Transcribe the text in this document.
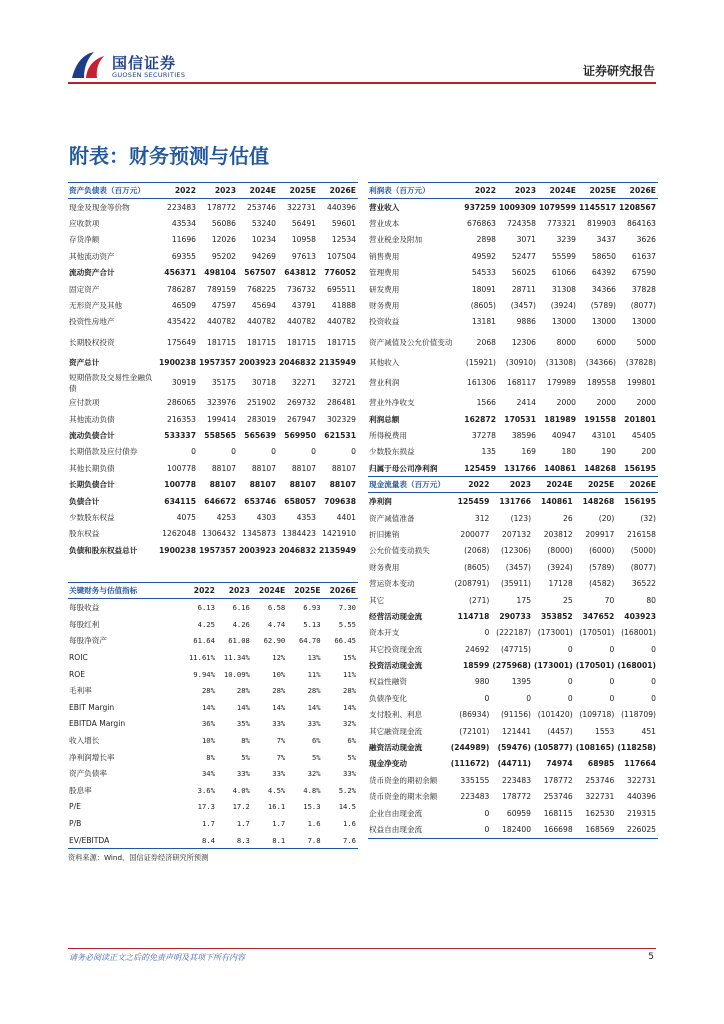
国信证券
GUOSEN SECURITIES	证券研究报告
附表：财务预测与估值
资产负债表（百万元）	2022	2023	2024E	2025E	2026E
现金及现金等价物	223483	178772	253746	322731	440396
应收款项	43534	56086	53240	56491	59601
存货净额	11696	12026	10234	10958	12534
其他流动资产	69355	95202	94269	97613	107504
流动资产合计	456371	498104	567507	643812	776052
固定资产	786287	789159	768225	736732	695511
无形资产及其他	46509	47597	45694	43791	41888
投资性房地产	435422	440782	440782	440782	440782
长期股权投资	175649	181715	181715	181715	181715
资产总计	1900238	1957357	2003923	2046832	2135949
短期借款及交易性金融负债	30919	35175	30718	32271	32721
应付款项	286065	323976	251902	269732	286481
其他流动负债	216353	199414	283019	267947	302329
流动负债合计	533337	558565	565639	569950	621531
长期借款及应付债券	0	0	0	0	0
其他长期负债	100778	88107	88107	88107	88107
长期负债合计	100778	88107	88107	88107	88107
负债合计	634115	646672	653746	658057	709638
少数股东权益	4075	4253	4303	4353	4401
股东权益	1262048	1306432	1345873	1384423	1421910
负债和股东权益总计	1900238	1957357	2003923	2046832	2135949
关键财务与估值指标	2022	2023	2024E	2025E	2026E
每股收益	6.13	6.16	6.58	6.93	7.30
每股红利	4.25	4.26	4.74	5.13	5.55
每股净资产	61.64	61.08	62.90	64.70	66.45
ROIC	11.61%	11.34%	12%	13%	15%
ROE	9.94%	10.09%	10%	11%	11%
毛利率	28%	28%	28%	28%	28%
EBIT Margin	14%	14%	14%	14%	14%
EBITDA Margin	36%	35%	33%	33%	32%
收入增长	10%	8%	7%	6%	6%
净利润增长率	8%	5%	7%	5%	5%
资产负债率	34%	33%	33%	32%	33%
股息率	3.6%	4.0%	4.5%	4.8%	5.2%
P/E	17.3	17.2	16.1	15.3	14.5
P/B	1.7	1.7	1.7	1.6	1.6
EV/EBITDA	8.4	8.3	8.1	7.8	7.6
资料来源：Wind、国信证券经济研究所预测
利润表（百万元）	2022	2023	2024E	2025E	2026E
营业收入	937259	1009309	1079599	1145517	1208567
营业成本	676863	724358	773321	819903	864163
营业税金及附加	2898	3071	3239	3437	3626
销售费用	49592	52477	55599	58650	61637
管理费用	54533	56025	61066	64392	67590
研发费用	18091	28711	31308	34366	37828
财务费用	(8605)	(3457)	(3924)	(5789)	(8077)
投资收益	13181	9886	13000	13000	13000
资产减值及公允价值变动	2068	12306	8000	6000	5000
其他收入	(15921)	(30910)	(31308)	(34366)	(37828)
营业利润	161306	168117	179989	189558	199801
营业外净收支	1566	2414	2000	2000	2000
利润总额	162872	170531	181989	191558	201801
所得税费用	37278	38596	40947	43101	45405
少数股东损益	135	169	180	190	200
归属于母公司净利润	125459	131766	140861	148268	156195
现金流量表（百万元）	2022	2023	2024E	2025E	2026E
净利润	125459	131766	140861	148268	156195
资产减值准备	312	(123)	26	(20)	(32)
折旧摊销	200077	207132	203812	209917	216158
公允价值变动损失	(2068)	(12306)	(8000)	(6000)	(5000)
财务费用	(8605)	(3457)	(3924)	(5789)	(8077)
营运资本变动	(208791)	(35911)	17128	(4582)	36522
其它	(271)	175	25	70	80
经营活动现金流	114718	290733	353852	347652	403923
资本开支	0	(222187)	(173001)	(170501)	(168001)
其它投资现金流	24692	(47715)	0	0	0
投资活动现金流	18599	(275968)	(173001)	(170501)	(168001)
权益性融资	980	1395	0	0	0
负债净变化	0	0	0	0	0
支付股利、利息	(86934)	(91156)	(101420)	(109718)	(118709)
其它融资现金流	(72101)	121441	(4457)	1553	451
融资活动现金流	(244989)	(59476)	(105877)	(108165)	(118258)
现金净变动	(111672)	(44711)	74974	68985	117664
货币资金的期初余额	335155	223483	178772	253746	322731
货币资金的期末余额	223483	178772	253746	322731	440396
企业自由现金流	0	60959	168115	162530	219315
权益自由现金流	0	182400	166698	168569	226025
请务必阅读正文之后的免责声明及其项下所有内容	5
